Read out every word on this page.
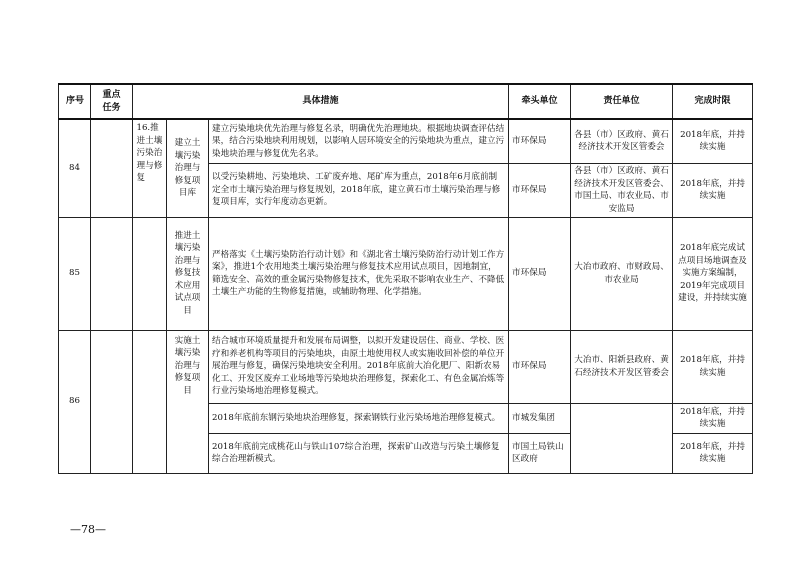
序号	重点任务	具体措施			牵头单位	责任单位	完成时限
84		16.推进土壤污染治理与修复	建立土壤污染治理与修复项目库	建立污染地块优先治理与修复名录，明确优先治理地块。根据地块调查评估结果，结合污染地块利用规划，以影响人居环境安全的污染地块为重点，建立污染地块治理与修复优先名录。	市环保局	各县（市）区政府、黄石经济技术开发区管委会	2018年底，并持续实施
				以受污染耕地、污染地块、工矿废弃地、尾矿库为重点，2018年6月底前制定全市土壤污染治理与修复规划，2018年底，建立黄石市土壤污染治理与修复项目库，实行年度动态更新。	市环保局	各县（市）区政府、黄石经济技术开发区管委会、市国土局、市农业局、市安监局	2018年底，并持续实施
85			推进土壤污染治理与修复技术应用试点项目	严格落实《土壤污染防治行动计划》和《湖北省土壤污染防治行动计划工作方案》，推进1个农用地类土壤污染治理与修复技术应用试点项目，因地制宜，筛选安全、高效的重金属污染物修复技术，优先采取不影响农业生产、不降低土壤生产功能的生物修复措施，或辅助物理、化学措施。	市环保局	大冶市政府、市财政局、市农业局	2018年底完成试点项目场地调查及实施方案编制，2019年完成项目建设，并持续实施
86			实施土壤污染治理与修复项目	结合城市环境质量提升和发展布局调整，以拟开发建设居住、商业、学校、医疗和养老机构等项目的污染地块，由原土地使用权人或实施收回补偿的单位开展治理与修复，确保污染地块安全利用。2018年底前大冶化肥厂、阳新农易化工、开发区废弃工业场地等污染地块治理修复，探索化工、有色金属冶炼等行业污染场地治理修复模式。	市环保局	大冶市、阳新县政府、黄石经济技术开发区管委会	2018年底，并持续实施
				2018年底前东钢污染地块治理修复，探索钢铁行业污染场地治理修复模式。	市城发集团		2018年底，并持续实施
				2018年底前完成桃花山与铁山107综合治理，探索矿山改造与污染土壤修复综合治理新模式。	市国土局铁山区政府		2018年底，并持续实施
—78—
